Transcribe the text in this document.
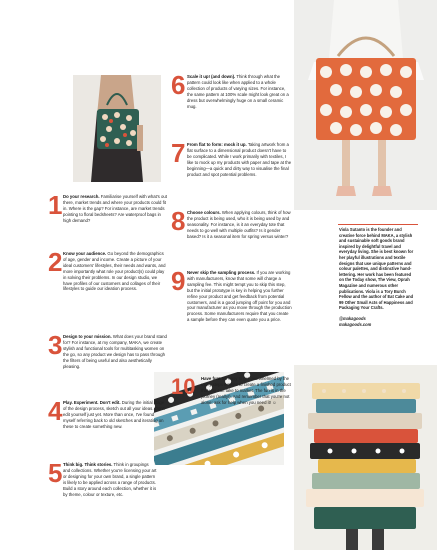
1 Do your research. Familiarise yourself with what's out there, market trends and where your products could fit in. Where is the gap? For instance, are market trends pointing to floral bedsheets? Are waterproof bags in high demand?

2 Know your audience. Go beyond the demographics of age, gender and income. Create a picture of your ideal customers' lifestyles, their needs and wants, and more importantly what role your product(s) could play in solving their problems. In our design studio, we have profiles of our customers and collages of their lifestyles to guide our ideation process.

3 Design to your mission. What does your brand stand for? For instance, at my company, MAKA, we create stylish and functional tools for multitasking women on the go, so any product we design has to pass through the filters of being useful and also aesthetically pleasing.

4 Play. Experiment. Don't edit. During the initial stage of the design process, sketch out all your ideas. Don't edit yourself just yet. More than once, I've found myself referring back to old sketches and iterating on these to create something new.

5 Think big. Think stories. Think in groupings and collections. Whether you're licensing your art or designing for your own brand, a single pattern is likely to be applied across a range of products. Build a story around each collection, whether it is by theme, colour or texture, etc.

6 Scale it up! (and down). Think through what the pattern could look like when applied to a whole collection of products of varying sizes. For instance, the same pattern at 100% scale might look great on a dress but overwhelmingly huge on a small ceramic mug.

7 From flat to form: mock it up. Taking artwork from a flat surface to a dimensional product doesn't have to be complicated. While I work primarily with textiles, I like to mock up my products with paper and tape at the beginning—a quick and dirty way to visualise the final product and spot potential problems.

8 Choose colours. When applying colours, think of how the product is being used, who it is being used by and seasonality. For instance, is it an everyday tote that needs to go well with multiple outfits? Is it gender based? Is it a seasonal item for spring versus winter?

9 Never skip the sampling process. If you are working with manufacturers, know that some will charge a sampling fee. This might tempt you to skip this step, but the initial prototype is key in helping you further refine your product and get feedback from potential customers, and is a good jumping off point for you and your manufacturer as you move through the production process. Some manufacturers require that you create a sample before they can even quote you a price.

10 Have fun! It's easy to get overwhelmed by the many steps it takes to create a finished product that you can take to market. The fun is in the journey (really!). And remember that you're not alone: ask for help when you need it! ☺

Viola Sutanto is the founder and creative force behind MAKA, a stylish and sustainable soft goods brand inspired by delightful travel and everyday living. She is best known for her playful illustrations and textile designs that use unique patterns and colour palettes, and distinctive hand-lettering. Her work has been featured on the Today show, The View, Oprah Magazine and numerous other publications. Viola is a Tory Burch Fellow and the author of Eat Cake and 99 Other Small Acts of Happiness and Packaging Your Crafts.

@makagoods
makagoods.com
